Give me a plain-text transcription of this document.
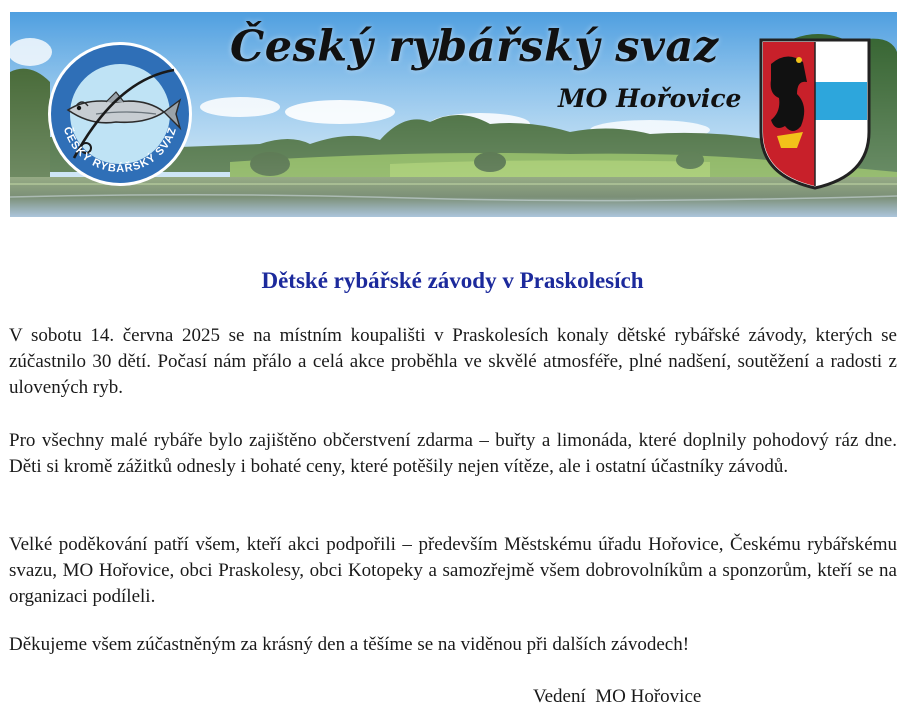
ČESKÝ RYBÁŘSKÝ SVAZ
Český rybářský svaz
MO Hořovice
Dětské rybářské závody v Praskolesích

V sobotu 14. června 2025 se na místním koupališti v Praskolesích konaly dětské rybářské závody, kterých se zúčastnilo 30 dětí. Počasí nám přálo a celá akce proběhla ve skvělé atmosféře, plné nadšení, soutěžení a radosti z ulovených ryb.

Pro všechny malé rybáře bylo zajištěno občerstvení zdarma – buřty a limonáda, které doplnily pohodový ráz dne. Děti si kromě zážitků odnesly i bohaté ceny, které potěšily nejen vítěze, ale i ostatní účastníky závodů.

Velké poděkování patří všem, kteří akci podpořili – především Městskému úřadu Hořovice, Českému rybářskému svazu, MO Hořovice, obci Praskolesy, obci Kotopeky a samozřejmě všem dobrovolníkům a sponzorům, kteří se na organizaci podíleli.

Děkujeme všem zúčastněným za krásný den a těšíme se na viděnou při dalších závodech!

Vedení  MO Hořovice
